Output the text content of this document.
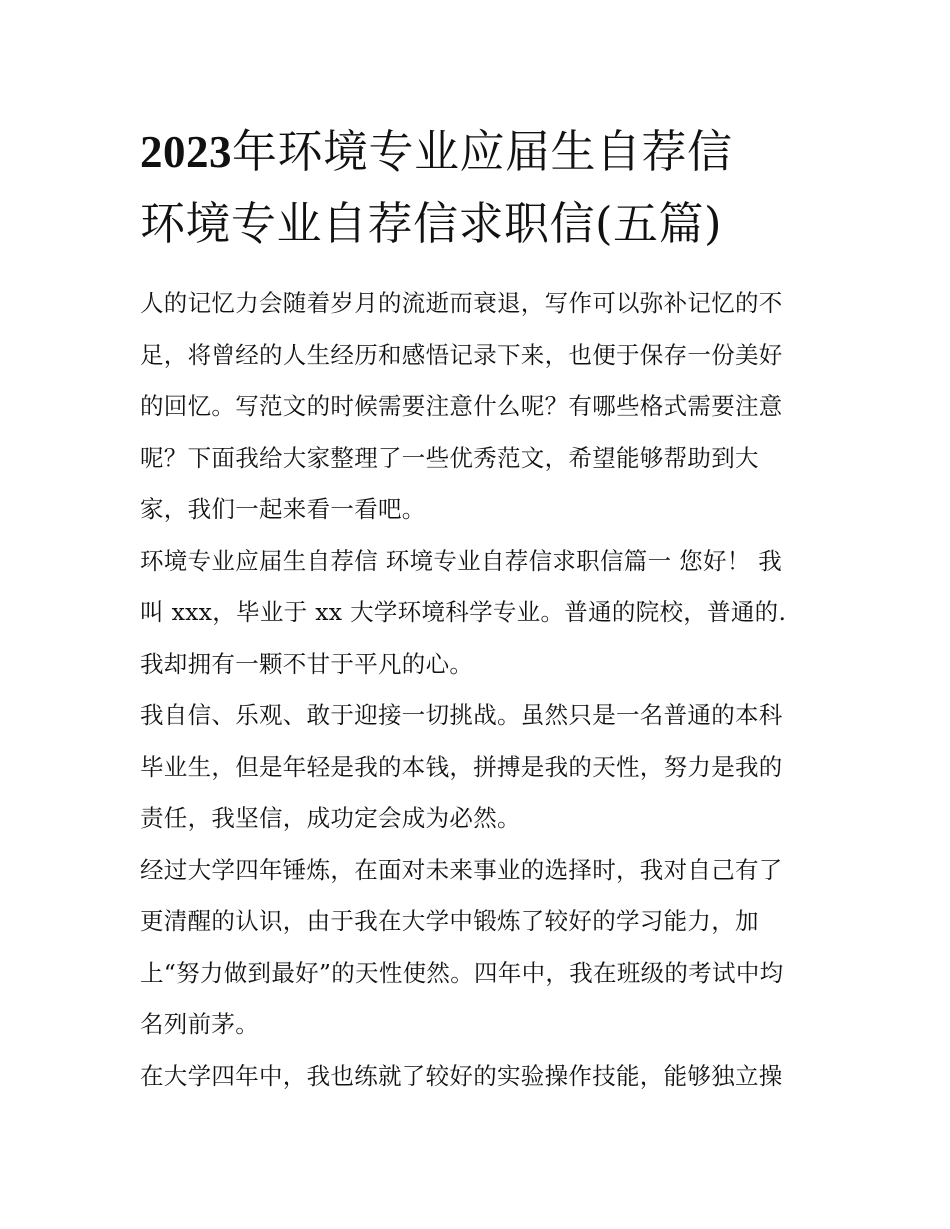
2023年环境专业应届生自荐信
环境专业自荐信求职信(五篇)
人的记忆力会随着岁月的流逝而衰退，写作可以弥补记忆的不
足，将曾经的人生经历和感悟记录下来，也便于保存一份美好
的回忆。写范文的时候需要注意什么呢？有哪些格式需要注意
呢？下面我给大家整理了一些优秀范文，希望能够帮助到大
家，我们一起来看一看吧。
环境专业应届生自荐信 环境专业自荐信求职信篇一 您好！ 我
叫 xxx，毕业于 xx 大学环境科学专业。普通的院校，普通的.
我却拥有一颗不甘于平凡的心。
我自信、乐观、敢于迎接一切挑战。虽然只是一名普通的本科
毕业生，但是年轻是我的本钱，拼搏是我的天性，努力是我的
责任，我坚信，成功定会成为必然。
经过大学四年锤炼，在面对未来事业的选择时，我对自己有了
更清醒的认识，由于我在大学中锻炼了较好的学习能力，加
上“努力做到最好”的天性使然。四年中，我在班级的考试中均
名列前茅。
在大学四年中，我也练就了较好的实验操作技能，能够独立操
